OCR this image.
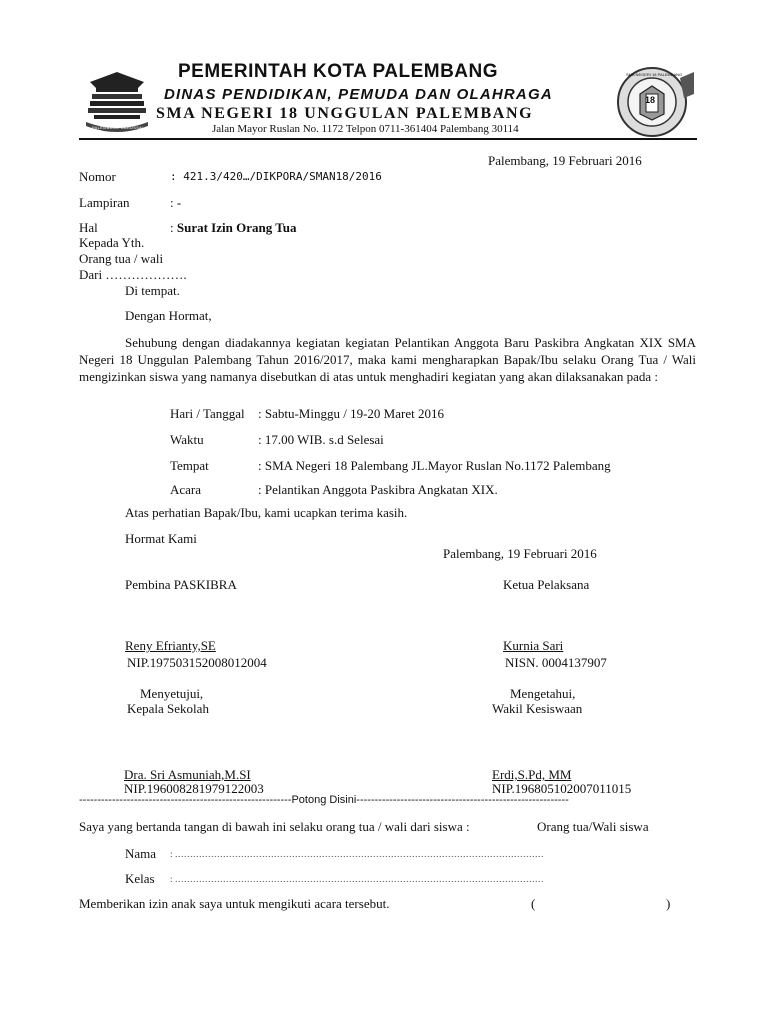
PALEMBANG DARUSSALAM
18
SMA NEGERI 18 PALEMBANG
PEMERINTAH KOTA PALEMBANG
DINAS PENDIDIKAN, PEMUDA DAN OLAHRAGA
SMA NEGERI 18 UNGGULAN PALEMBANG
Jalan Mayor Ruslan No. 1172 Telpon 0711-361404 Palembang 30114
Palembang, 19 Februari 2016
Nomor	: 421.3/420…/DIKPORA/SMAN18/2016
Lampiran	: -
Hal	: Surat Izin Orang Tua
Kepada Yth.
Orang tua / wali
Dari ……………….
Di tempat.
Dengan Hormat,
Sehubung dengan diadakannya kegiatan kegiatan Pelantikan Anggota Baru Paskibra Angkatan XIX SMA Negeri 18 Unggulan Palembang Tahun 2016/2017, maka kami mengharapkan Bapak/Ibu selaku Orang Tua / Wali mengizinkan siswa yang namanya disebutkan di atas untuk menghadiri kegiatan yang akan dilaksanakan pada :
Hari / Tanggal : Sabtu-Minggu / 19-20 Maret 2016
Waktu	: 17.00 WIB. s.d Selesai
Tempat	: SMA Negeri 18 Palembang JL.Mayor Ruslan No.1172 Palembang
Acara	: Pelantikan Anggota Paskibra Angkatan XIX.
Atas perhatian Bapak/Ibu, kami ucapkan terima kasih.
Hormat Kami
Palembang, 19 Februari 2016
Pembina PASKIBRA	Ketua Pelaksana
Reny Efrianty,SE	Kurnia Sari
NIP.197503152008012004	NISN. 0004137907
Menyetujui,	Mengetahui,
Kepala Sekolah	Wakil Kesiswaan
Dra. Sri Asmuniah,M.SI	Erdi,S.Pd, MM
NIP.196008281979122003	NIP.196805102007011015
----------------------------------------------------------Potong Disini----------------------------------------------------------
Saya yang bertanda tangan di bawah ini selaku orang tua / wali dari siswa :	Orang tua/Wali siswa
Nama : ……………………………………………………………………………………………………………
Kelas : ……………………………………………………………………………………………………………
Memberikan izin anak saya untuk mengikuti acara tersebut.	(	)
